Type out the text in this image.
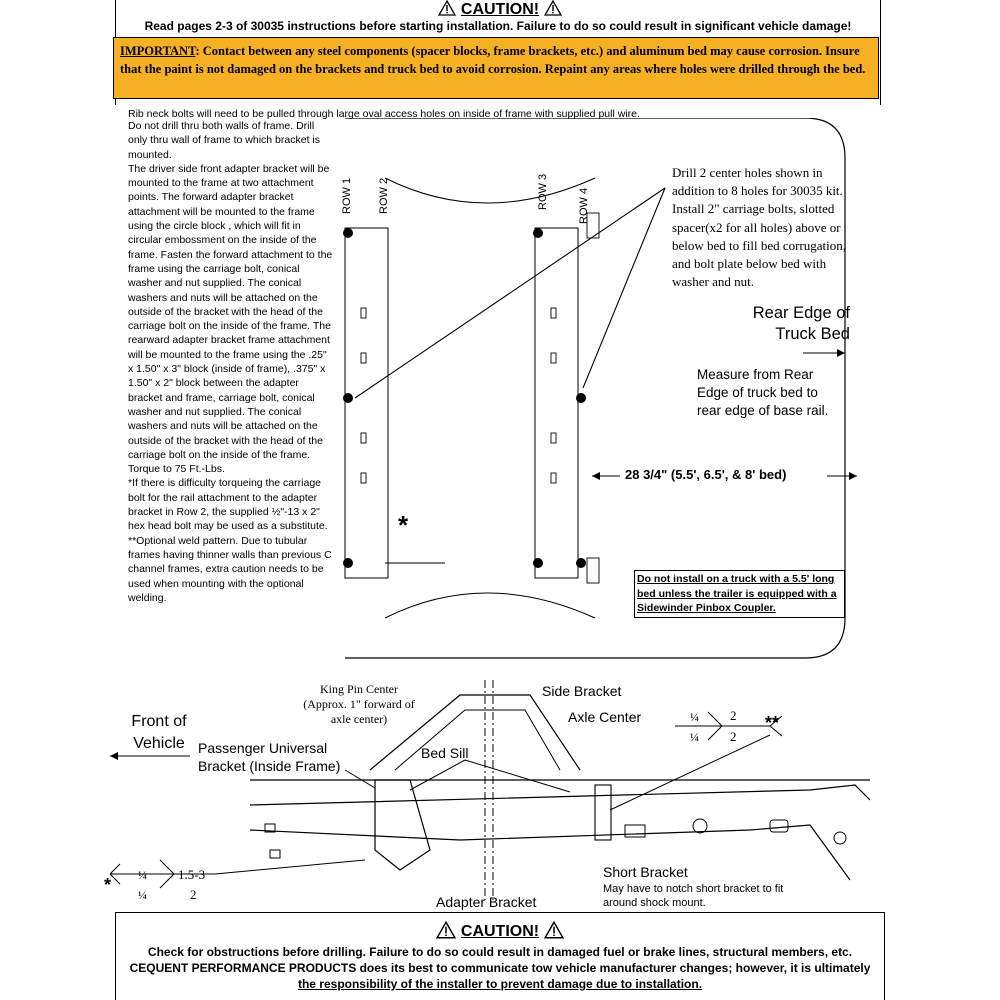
CAUTION!
Read pages 2-3 of 30035 instructions before starting installation. Failure to do so could result in significant vehicle damage!
IMPORTANT: Contact between any steel components (spacer blocks, frame brackets, etc.) and aluminum bed may cause corrosion. Insure that the paint is not damaged on the brackets and truck bed to avoid corrosion. Repaint any areas where holes were drilled through the bed.
Rib neck bolts will need to be pulled through large oval access holes on inside of frame with supplied pull wire.
Do not drill thru both walls of frame. Drill only thru wall of frame to which bracket is mounted.
The driver side front adapter bracket will be mounted to the frame at two attachment points. The forward adapter bracket attachment will be mounted to the frame using the circle block , which will fit in circular embossment on the inside of the frame. Fasten the forward attachment to the frame using the carriage bolt, conical washer and nut supplied. The conical washers and nuts will be attached on the outside of the bracket with the head of the carriage bolt on the inside of the frame. The rearward adapter bracket frame attachment will be mounted to the frame using the .25" x 1.50" x 3" block (inside of frame), .375" x 1.50" x 2" block between the adapter bracket and frame, carriage bolt, conical washer and nut supplied. The conical washers and nuts will be attached on the outside of the bracket with the head of the carriage bolt on the inside of the frame. Torque to 75 Ft.-Lbs.
*If there is difficulty torqueing the carriage bolt for the rail attachment to the adapter bracket in Row 2, the supplied ½"-13 x 2" hex head bolt may be used as a substitute.
**Optional weld pattern. Due to tubular frames having thinner walls than previous C channel frames, extra caution needs to be used when mounting with the optional welding.
ROW 1 ROW 2	ROW 3	ROW 4
*
Drill 2 center holes shown in addition to 8 holes for 30035 kit. Install 2" carriage bolts, slotted spacer(x2 for all holes) above or below bed to fill bed corrugation, and bolt plate below bed with washer and nut.
Rear Edge of Truck Bed
Measure from Rear Edge of truck bed to rear edge of base rail.
28 3/4" (5.5', 6.5', & 8' bed)
Do not install on a truck with a 5.5' long bed unless the trailer is equipped with a Sidewinder Pinbox Coupler.
King Pin Center (Approx. 1" forward of axle center)
Side Bracket
Axle Center
Front of Vehicle Passenger Universal Bracket (Inside Frame)
Bed Sill
Short Bracket
May have to notch short bracket to fit around shock mount.
Adapter Bracket
**
*
¼ 2
¼ 2
¼ 1.5-3
¼	2
CAUTION!
Check for obstructions before drilling. Failure to do so could result in damaged fuel or brake lines, structural members, etc.
CEQUENT PERFORMANCE PRODUCTS does its best to communicate tow vehicle manufacturer changes; however, it is ultimately
the responsibility of the installer to prevent damage due to installation.
